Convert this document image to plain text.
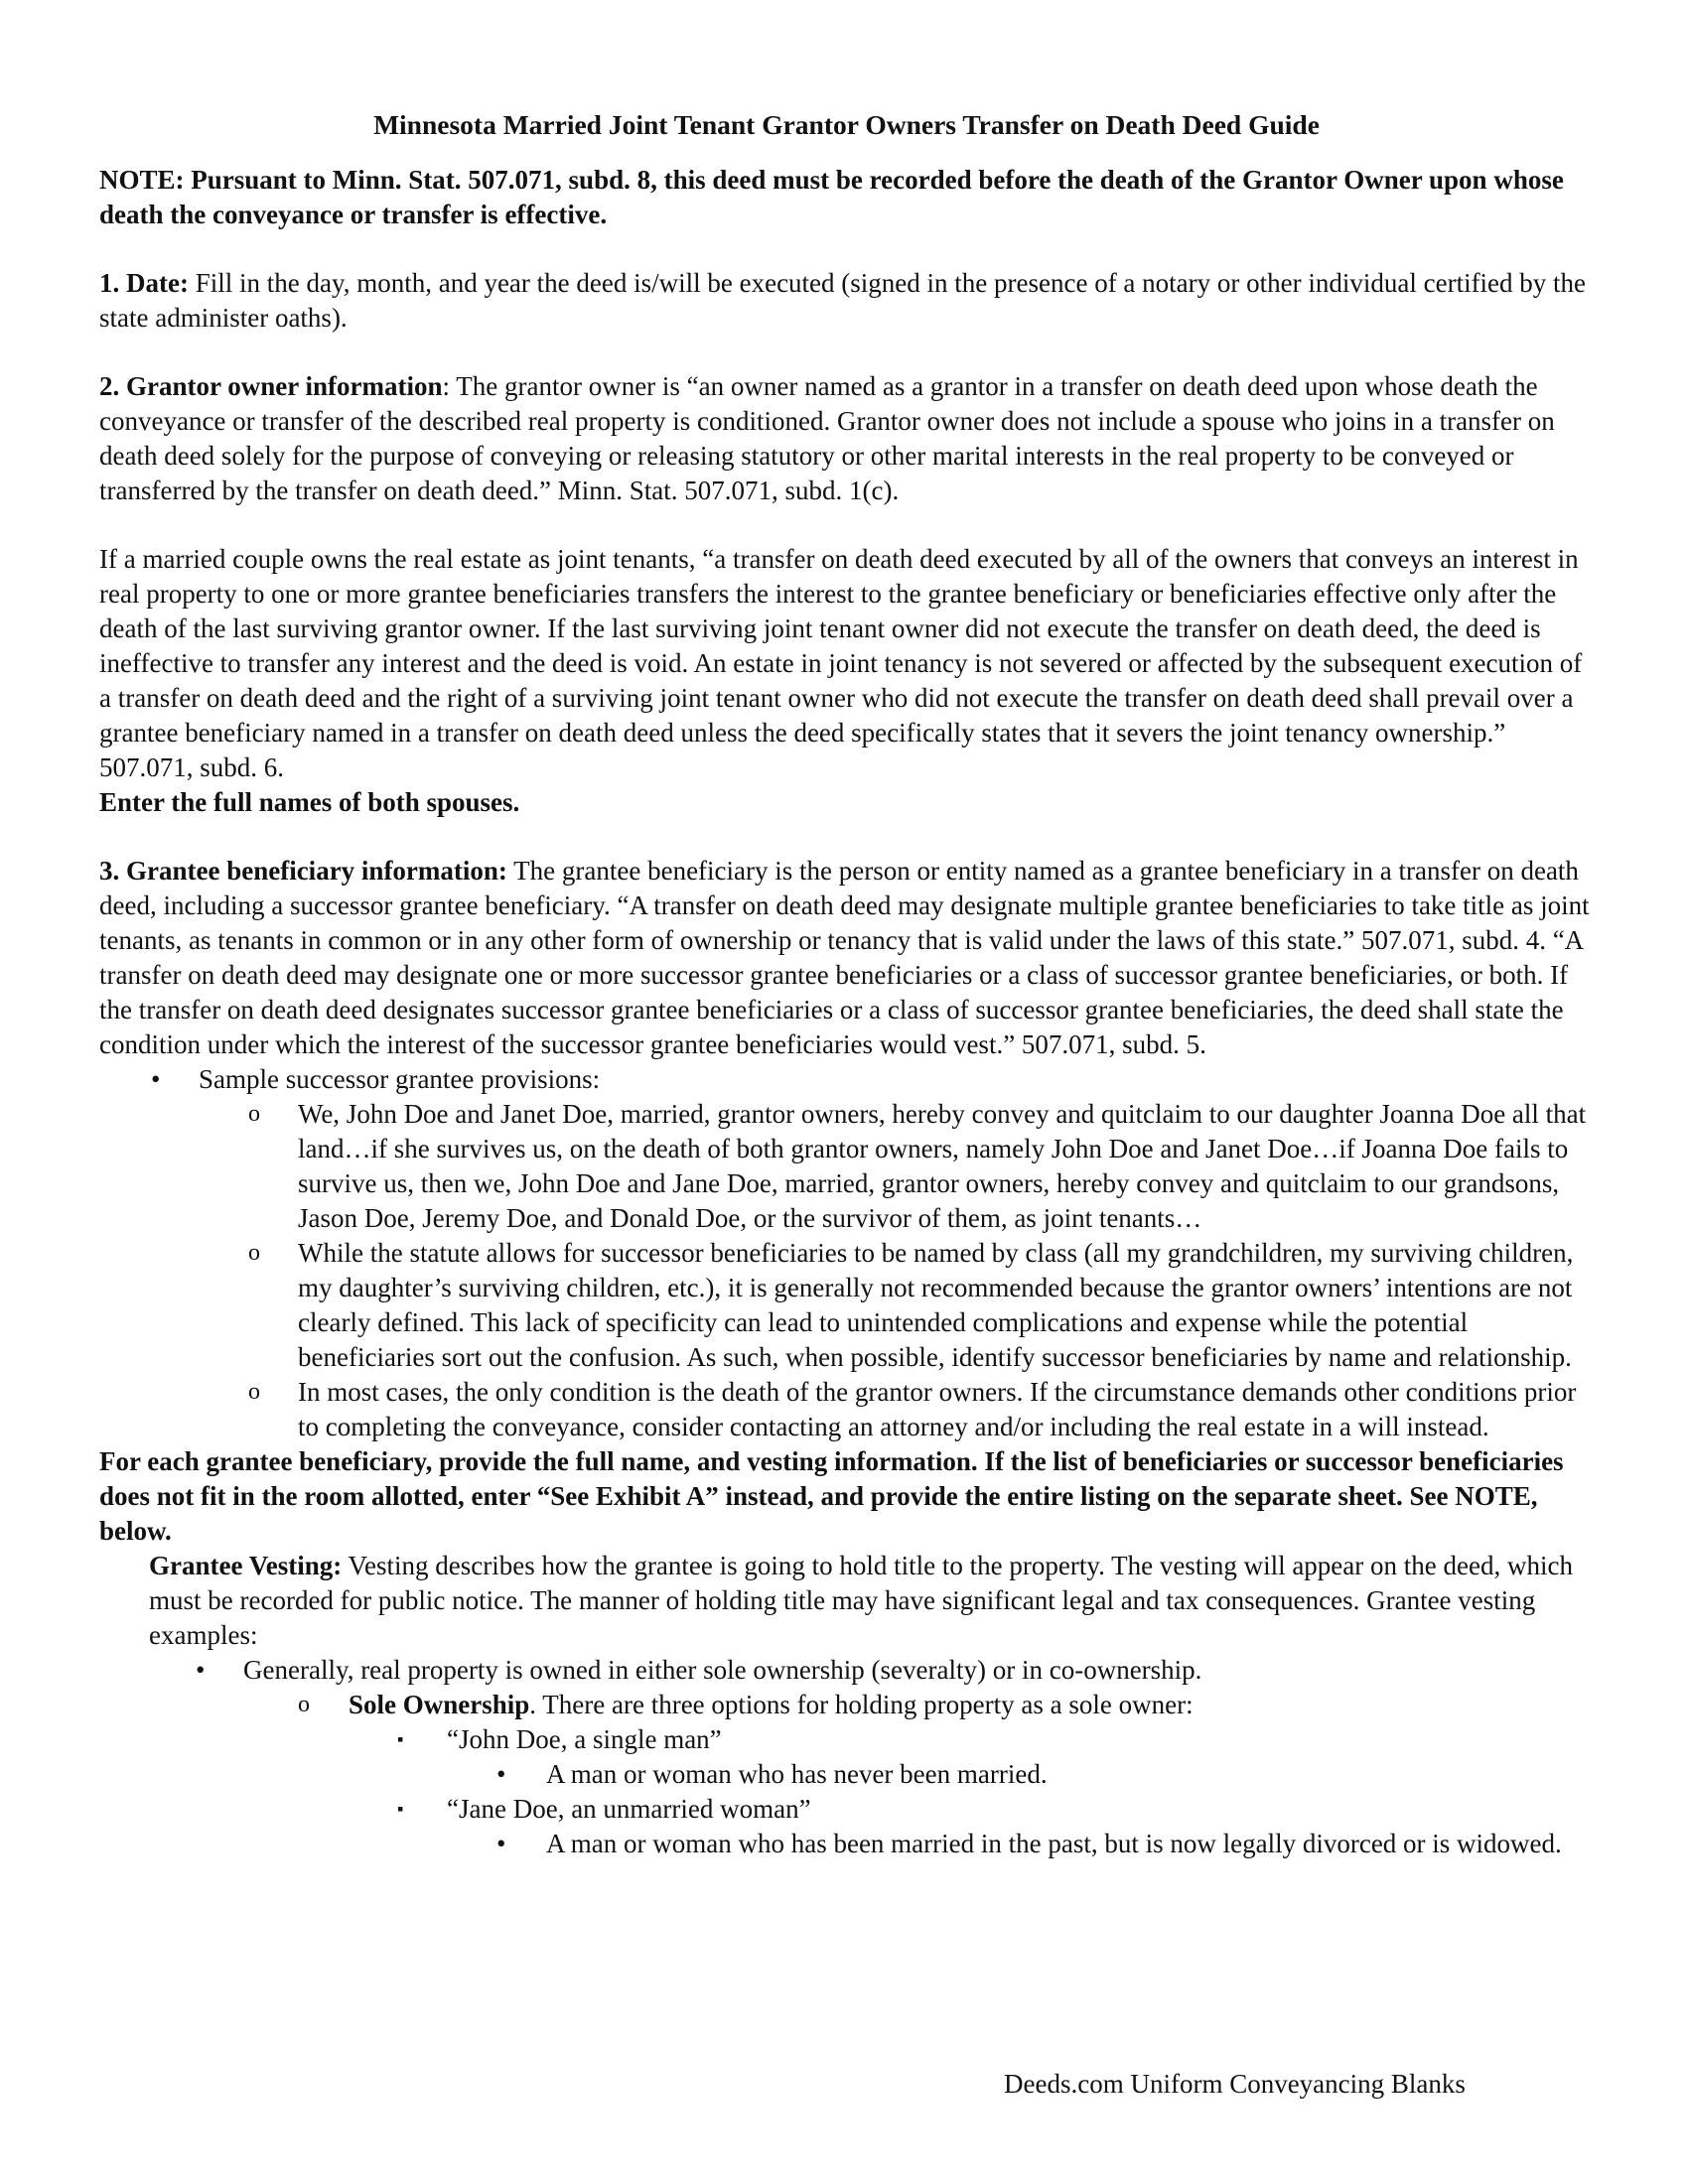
Minnesota Married Joint Tenant Grantor Owners Transfer on Death Deed Guide

NOTE: Pursuant to Minn. Stat. 507.071, subd. 8, this deed must be recorded before the death of the Grantor Owner upon whose death the conveyance or transfer is effective.

1. Date: Fill in the day, month, and year the deed is/will be executed (signed in the presence of a notary or other individual certified by the state administer oaths).

2. Grantor owner information: The grantor owner is “an owner named as a grantor in a transfer on death deed upon whose death the conveyance or transfer of the described real property is conditioned. Grantor owner does not include a spouse who joins in a transfer on death deed solely for the purpose of conveying or releasing statutory or other marital interests in the real property to be conveyed or transferred by the transfer on death deed.” Minn. Stat. 507.071, subd. 1(c).

If a married couple owns the real estate as joint tenants, “a transfer on death deed executed by all of the owners that conveys an interest in real property to one or more grantee beneficiaries transfers the interest to the grantee beneficiary or beneficiaries effective only after the death of the last surviving grantor owner. If the last surviving joint tenant owner did not execute the transfer on death deed, the deed is ineffective to transfer any interest and the deed is void. An estate in joint tenancy is not severed or affected by the subsequent execution of a transfer on death deed and the right of a surviving joint tenant owner who did not execute the transfer on death deed shall prevail over a grantee beneficiary named in a transfer on death deed unless the deed specifically states that it severs the joint tenancy ownership.” 507.071, subd. 6.

Enter the full names of both spouses.

3. Grantee beneficiary information: The grantee beneficiary is the person or entity named as a grantee beneficiary in a transfer on death deed, including a successor grantee beneficiary. “A transfer on death deed may designate multiple grantee beneficiaries to take title as joint tenants, as tenants in common or in any other form of ownership or tenancy that is valid under the laws of this state.” 507.071, subd. 4. “A transfer on death deed may designate one or more successor grantee beneficiaries or a class of successor grantee beneficiaries, or both. If the transfer on death deed designates successor grantee beneficiaries or a class of successor grantee beneficiaries, the deed shall state the condition under which the interest of the successor grantee beneficiaries would vest.” 507.071, subd. 5.

• Sample successor grantee provisions:
o We, John Doe and Janet Doe, married, grantor owners, hereby convey and quitclaim to our daughter Joanna Doe all that land…if she survives us, on the death of both grantor owners, namely John Doe and Janet Doe…if Joanna Doe fails to survive us, then we, John Doe and Jane Doe, married, grantor owners, hereby convey and quitclaim to our grandsons, Jason Doe, Jeremy Doe, and Donald Doe, or the survivor of them, as joint tenants…
o While the statute allows for successor beneficiaries to be named by class (all my grandchildren, my surviving children, my daughter’s surviving children, etc.), it is generally not recommended because the grantor owners’ intentions are not clearly defined. This lack of specificity can lead to unintended complications and expense while the potential beneficiaries sort out the confusion. As such, when possible, identify successor beneficiaries by name and relationship.
o In most cases, the only condition is the death of the grantor owners. If the circumstance demands other conditions prior to completing the conveyance, consider contacting an attorney and/or including the real estate in a will instead.

For each grantee beneficiary, provide the full name, and vesting information. If the list of beneficiaries or successor beneficiaries does not fit in the room allotted, enter “See Exhibit A” instead, and provide the entire listing on the separate sheet. See NOTE, below.

Grantee Vesting: Vesting describes how the grantee is going to hold title to the property. The vesting will appear on the deed, which must be recorded for public notice. The manner of holding title may have significant legal and tax consequences. Grantee vesting examples:

• Generally, real property is owned in either sole ownership (severalty) or in co-ownership.
o Sole Ownership. There are three options for holding property as a sole owner:
▪ “John Doe, a single man”
• A man or woman who has never been married.
▪ “Jane Doe, an unmarried woman”
• A man or woman who has been married in the past, but is now legally divorced or is widowed.
Deeds.com Uniform Conveyancing Blanks
